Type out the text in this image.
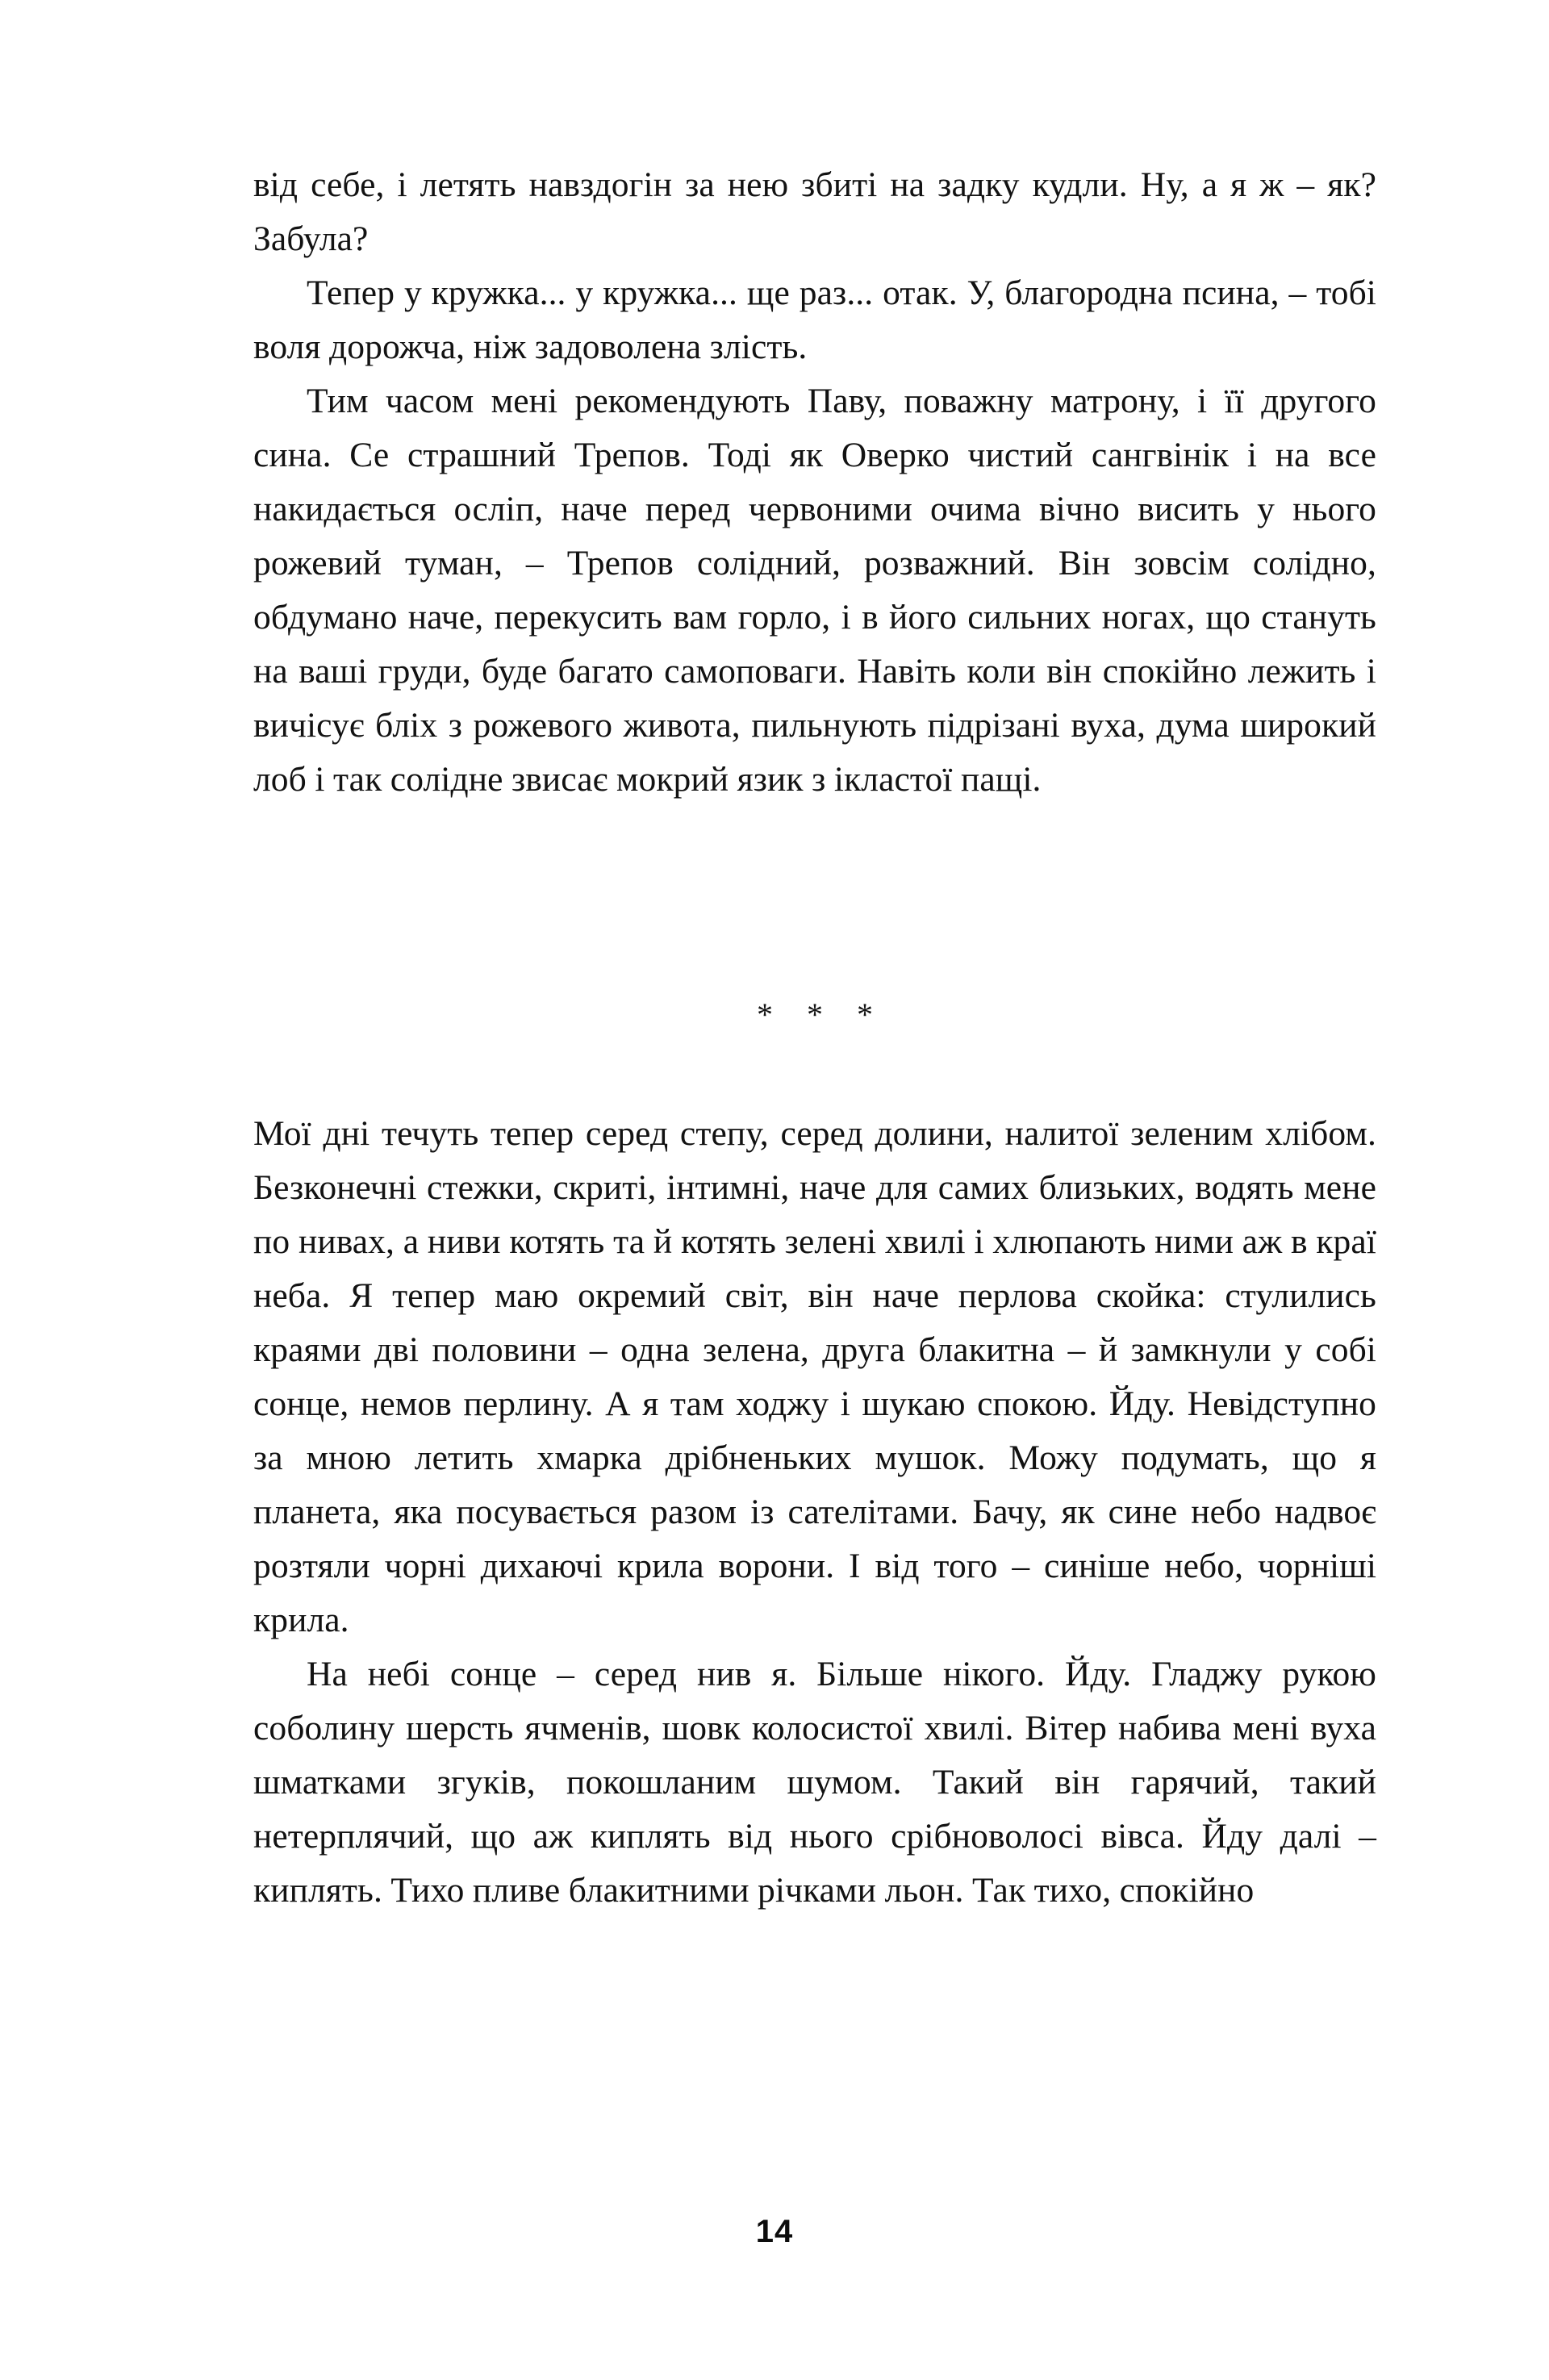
від себе, і летять навздогін за нею збиті на задку кудли. Ну, а я ж – як? Забула?

Тепер у кружка... у кружка... ще раз... отак. У, благородна псина, – тобі воля дорожча, ніж задоволена злість.

Тим часом мені рекомендують Паву, поважну матрону, і її другого сина. Се страшний Трепов. Тоді як Оверко чистий сангвінік і на все накидається осліп, наче перед червоними очима вічно висить у нього рожевий туман, – Трепов солідний, розважний. Він зовсім солідно, обдумано наче, перекусить вам горло, і в його сильних ногах, що стануть на ваші груди, буде багато самоповаги. Навіть коли він спокійно лежить і вичісує бліх з рожевого живота, пильнують підрізані вуха, дума широкий лоб і так солідне звисає мокрий язик з ікластої пащі.

* * *

Мої дні течуть тепер серед степу, серед долини, налитої зеленим хлібом. Безконечні стежки, скриті, інтимні, наче для самих близьких, водять мене по нивах, а ниви котять та й котять зелені хвилі і хлюпають ними аж в краї неба. Я тепер маю окремий світ, він наче перлова скойка: стулились краями дві половини – одна зелена, друга блакитна – й замкнули у собі сонце, немов перлину. А я там ходжу і шукаю спокою. Йду. Невідступно за мною летить хмарка дрібненьких мушок. Можу подумать, що я планета, яка посувається разом із сателітами. Бачу, як сине небо надвоє розтяли чорні дихаючі крила ворони. І від того – синіше небо, чорніші крила.

На небі сонце – серед нив я. Більше нікого. Йду. Гладжу рукою соболину шерсть ячменів, шовк колосистої хвилі. Вітер набива мені вуха шматками згуків, покошланим шумом. Такий він гарячий, такий нетерплячий, що аж киплять від нього срібноволосі вівса. Йду далі – киплять. Тихо пливе блакитними річками льон. Так тихо, спокійно

14
